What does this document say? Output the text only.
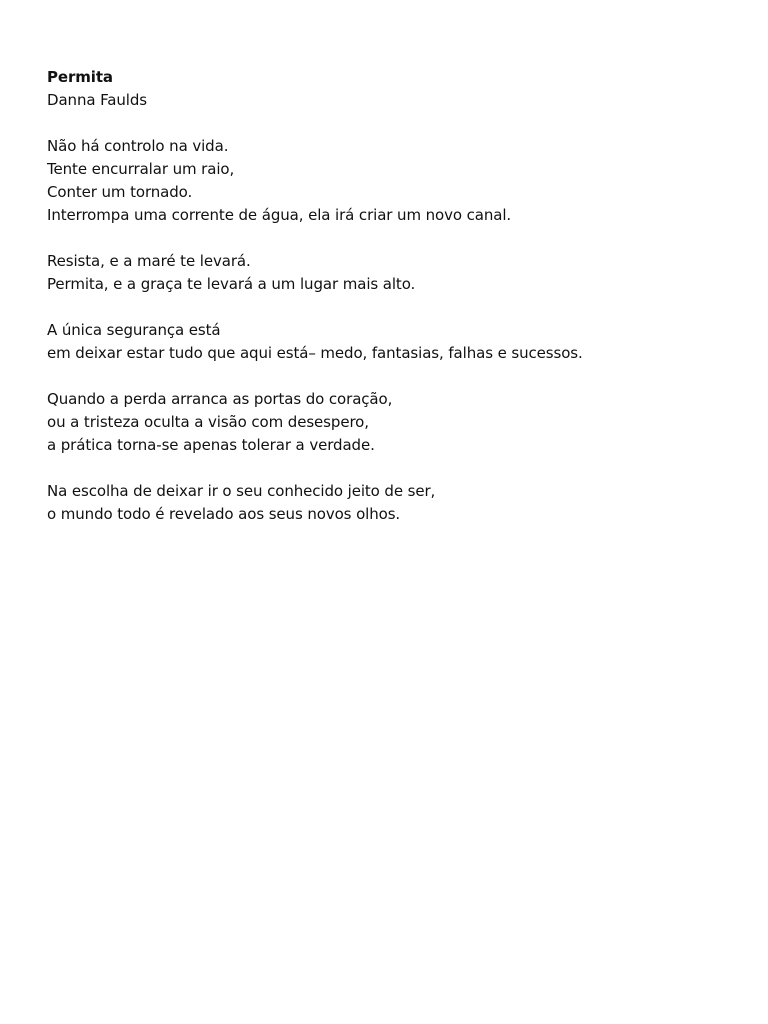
Permita

Danna Faulds

Não há controlo na vida.
Tente encurralar um raio,
Conter um tornado.
Interrompa uma corrente de água, ela irá criar um novo canal.
Resista, e a maré te levará.
Permita, e a graça te levará a um lugar mais alto.
A única segurança está
em deixar estar tudo que aqui está– medo, fantasias, falhas e sucessos.
Quando a perda arranca as portas do coração,
ou a tristeza oculta a visão com desespero,
a prática torna-se apenas tolerar a verdade.
Na escolha de deixar ir o seu conhecido jeito de ser,
o mundo todo é revelado aos seus novos olhos.
